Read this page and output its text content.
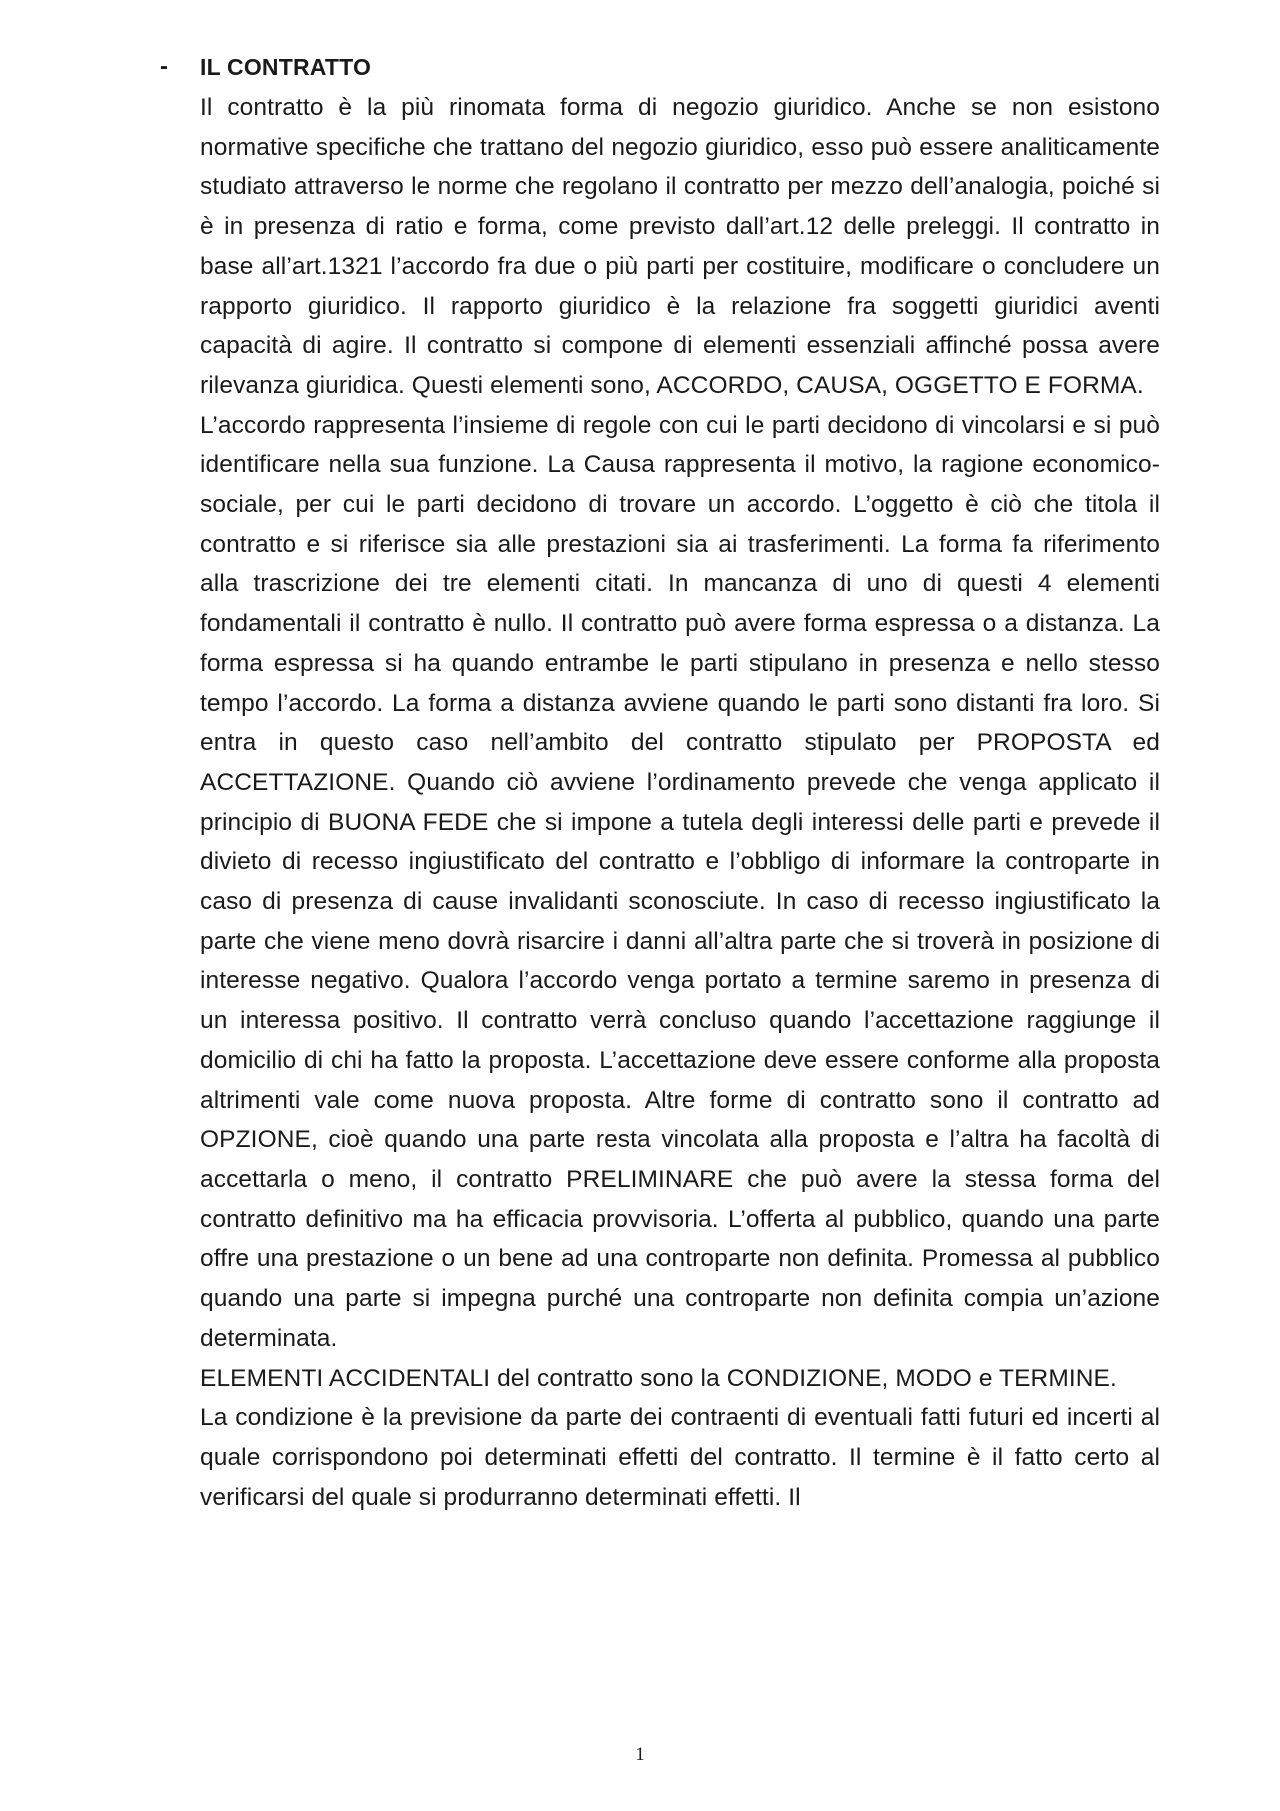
- IL CONTRATTO

Il contratto è la più rinomata forma di negozio giuridico. Anche se non esistono normative specifiche che trattano del negozio giuridico, esso può essere analiticamente studiato attraverso le norme che regolano il contratto per mezzo dell’analogia, poiché si è in presenza di ratio e forma, come previsto dall’art.12 delle preleggi. Il contratto in base all’art.1321 l’accordo fra due o più parti per costituire, modificare o concludere un rapporto giuridico. Il rapporto giuridico è la relazione fra soggetti giuridici aventi capacità di agire. Il contratto si compone di elementi essenziali affinché possa avere rilevanza giuridica. Questi elementi sono, ACCORDO, CAUSA, OGGETTO E FORMA.

L’accordo rappresenta l’insieme di regole con cui le parti decidono di vincolarsi e si può identificare nella sua funzione. La Causa rappresenta il motivo, la ragione economico-sociale, per cui le parti decidono di trovare un accordo. L’oggetto è ciò che titola il contratto e si riferisce sia alle prestazioni sia ai trasferimenti. La forma fa riferimento alla trascrizione dei tre elementi citati. In mancanza di uno di questi 4 elementi fondamentali il contratto è nullo. Il contratto può avere forma espressa o a distanza. La forma espressa si ha quando entrambe le parti stipulano in presenza e nello stesso tempo l’accordo. La forma a distanza avviene quando le parti sono distanti fra loro. Si entra in questo caso nell’ambito del contratto stipulato per PROPOSTA ed ACCETTAZIONE. Quando ciò avviene l’ordinamento prevede che venga applicato il principio di BUONA FEDE che si impone a tutela degli interessi delle parti e prevede il divieto di recesso ingiustificato del contratto e l’obbligo di informare la controparte in caso di presenza di cause invalidanti sconosciute. In caso di recesso ingiustificato la parte che viene meno dovrà risarcire i danni all’altra parte che si troverà in posizione di interesse negativo. Qualora l’accordo venga portato a termine saremo in presenza di un interessa positivo. Il contratto verrà concluso quando l’accettazione raggiunge il domicilio di chi ha fatto la proposta. L’accettazione deve essere conforme alla proposta altrimenti vale come nuova proposta. Altre forme di contratto sono il contratto ad OPZIONE, cioè quando una parte resta vincolata alla proposta e l’altra ha facoltà di accettarla o meno, il contratto PRELIMINARE che può avere la stessa forma del contratto definitivo ma ha efficacia provvisoria. L’offerta al pubblico, quando una parte offre una prestazione o un bene ad una controparte non definita. Promessa al pubblico quando una parte si impegna purché una controparte non definita compia un’azione determinata.

ELEMENTI ACCIDENTALI del contratto sono la CONDIZIONE, MODO e TERMINE.

La condizione è la previsione da parte dei contraenti di eventuali fatti futuri ed incerti al quale corrispondono poi determinati effetti del contratto. Il termine è il fatto certo al verificarsi del quale si produrranno determinati effetti. Il

1
